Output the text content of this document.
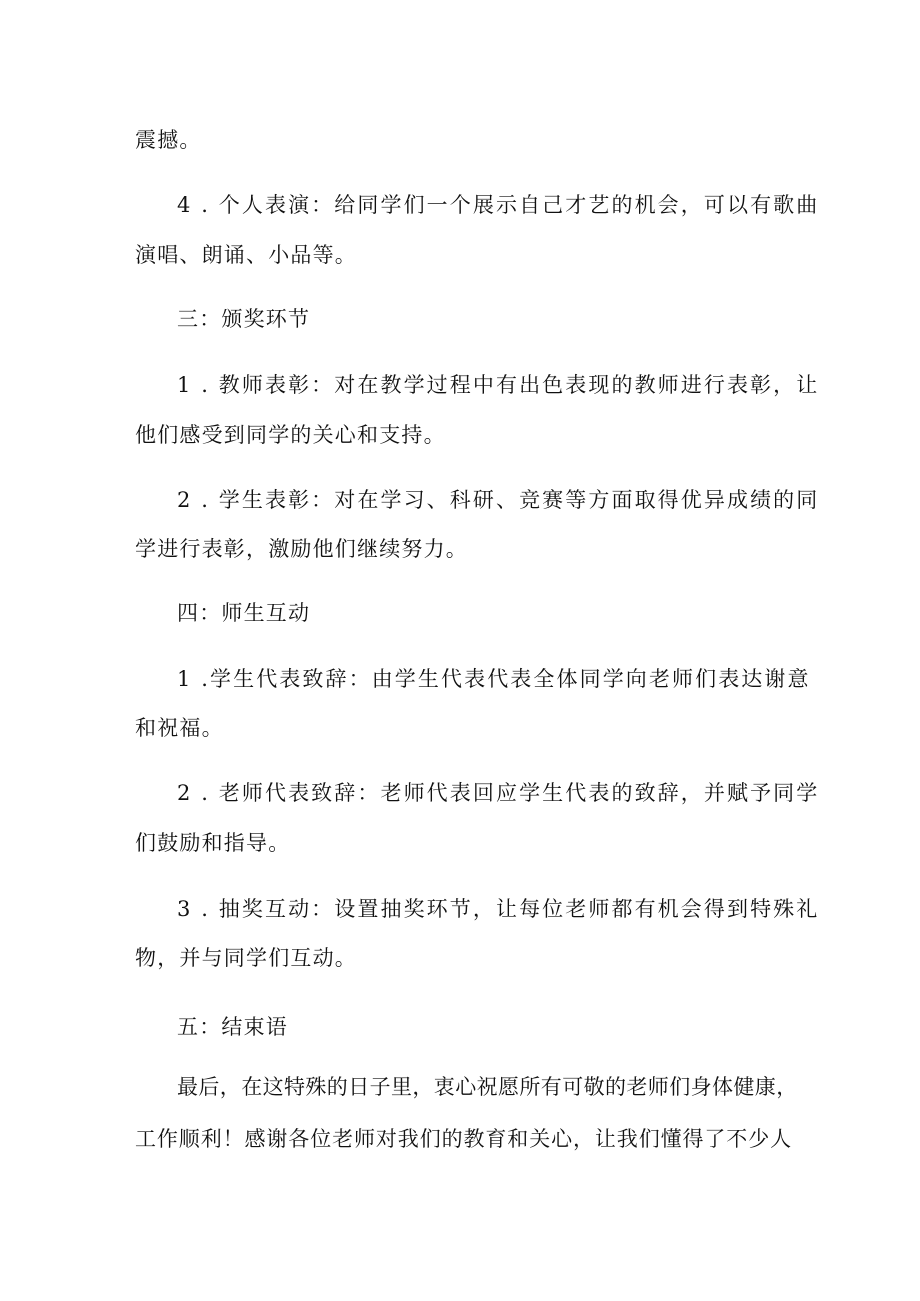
震撼。
4 . 个人表演：给同学们一个展示自己才艺的机会，可以有歌曲
演唱、朗诵、小品等。
三：颁奖环节
1 . 教师表彰：对在教学过程中有出色表现的教师进行表彰，让
他们感受到同学的关心和支持。
2 . 学生表彰：对在学习、科研、竞赛等方面取得优异成绩的同
学进行表彰，激励他们继续努力。
四：师生互动
1 .学生代表致辞：由学生代表代表全体同学向老师们表达谢意
和祝福。
2 . 老师代表致辞：老师代表回应学生代表的致辞，并赋予同学
们鼓励和指导。
3 . 抽奖互动：设置抽奖环节，让每位老师都有机会得到特殊礼
物，并与同学们互动。
五：结束语
最后，在这特殊的日子里，衷心祝愿所有可敬的老师们身体健康，
工作顺利！感谢各位老师对我们的教育和关心，让我们懂得了不少人
